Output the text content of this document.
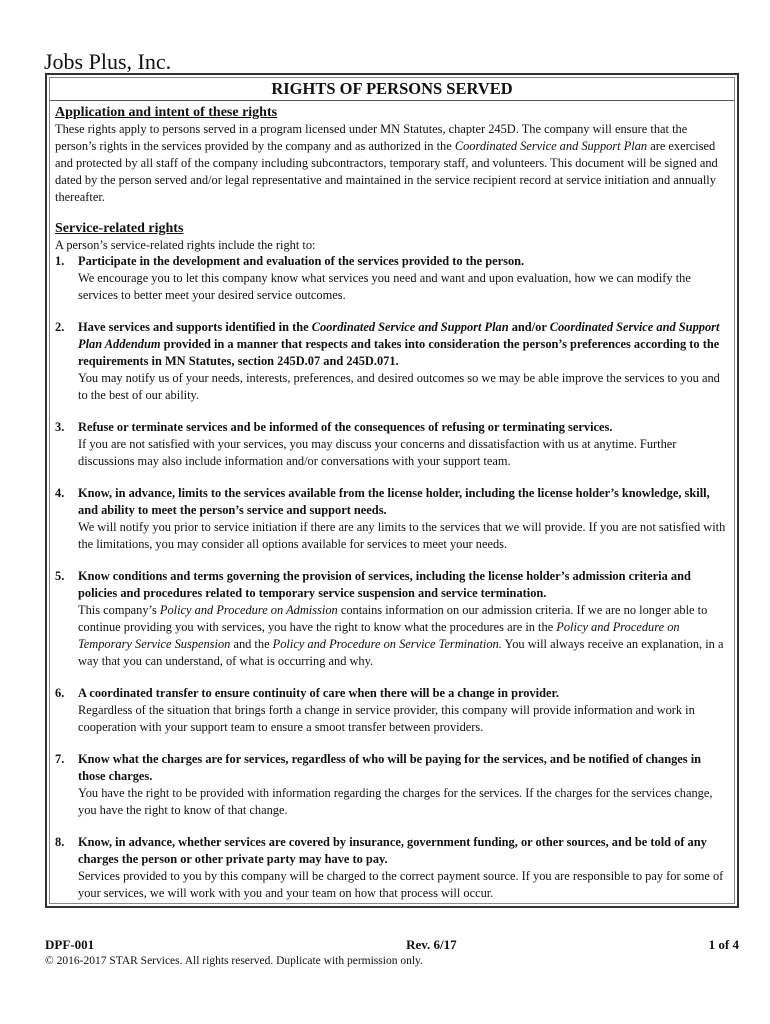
Jobs Plus, Inc.
RIGHTS OF PERSONS SERVED
Application and intent of these rights

These rights apply to persons served in a program licensed under MN Statutes, chapter 245D. The company will ensure that the person’s rights in the services provided by the company and as authorized in the Coordinated Service and Support Plan are exercised and protected by all staff of the company including subcontractors, temporary staff, and volunteers. This document will be signed and dated by the person served and/or legal representative and maintained in the service recipient record at service initiation and annually thereafter.

Service-related rights

A person’s service-related rights include the right to:

1. Participate in the development and evaluation of the services provided to the person.

We encourage you to let this company know what services you need and want and upon evaluation, how we can modify the services to better meet your desired service outcomes.

2. Have services and supports identified in the Coordinated Service and Support Plan and/or Coordinated Service and Support Plan Addendum provided in a manner that respects and takes into consideration the person’s preferences according to the requirements in MN Statutes, section 245D.07 and 245D.071.

You may notify us of your needs, interests, preferences, and desired outcomes so we may be able improve the services to you and to the best of our ability.

3. Refuse or terminate services and be informed of the consequences of refusing or terminating services.

If you are not satisfied with your services, you may discuss your concerns and dissatisfaction with us at anytime. Further discussions may also include information and/or conversations with your support team.

4. Know, in advance, limits to the services available from the license holder, including the license holder’s knowledge, skill, and ability to meet the person’s service and support needs.

We will notify you prior to service initiation if there are any limits to the services that we will provide. If you are not satisfied with the limitations, you may consider all options available for services to meet your needs.

5. Know conditions and terms governing the provision of services, including the license holder’s admission criteria and policies and procedures related to temporary service suspension and service termination.

This company’s Policy and Procedure on Admission contains information on our admission criteria. If we are no longer able to continue providing you with services, you have the right to know what the procedures are in the Policy and Procedure on Temporary Service Suspension and the Policy and Procedure on Service Termination. You will always receive an explanation, in a way that you can understand, of what is occurring and why.

6. A coordinated transfer to ensure continuity of care when there will be a change in provider.

Regardless of the situation that brings forth a change in service provider, this company will provide information and work in cooperation with your support team to ensure a smoot transfer between providers.

7. Know what the charges are for services, regardless of who will be paying for the services, and be notified of changes in those charges.

You have the right to be provided with information regarding the charges for the services. If the charges for the services change, you have the right to know of that change.

8. Know, in advance, whether services are covered by insurance, government funding, or other sources, and be told of any charges the person or other private party may have to pay.

Services provided to you by this company will be charged to the correct payment source. If you are responsible to pay for some of your services, we will work with you and your team on how that process will occur.

DPF-001	Rev. 6/17	1 of 4
© 2016-2017 STAR Services. All rights reserved. Duplicate with permission only.
